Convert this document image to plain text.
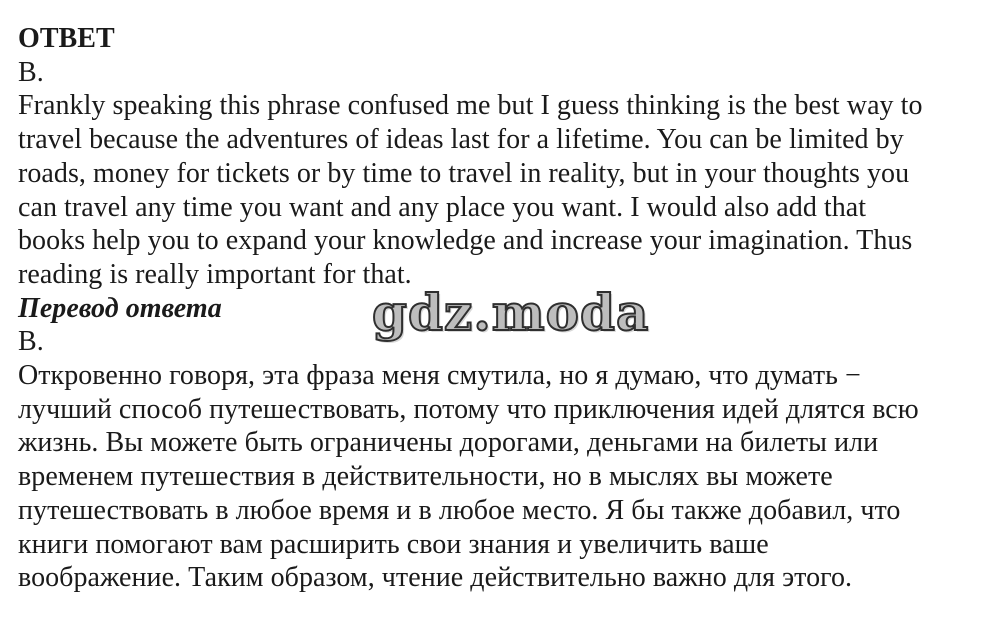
ОТВЕТ
B.
Frankly speaking this phrase confused me but I guess thinking is the best way to
travel because the adventures of ideas last for a lifetime. You can be limited by
roads, money for tickets or by time to travel in reality, but in your thoughts you
can travel any time you want and any place you want. I would also add that
books help you to expand your knowledge and increase your imagination. Thus
reading is really important for that.
Перевод ответа
B.
Откровенно говоря, эта фраза меня смутила, но я думаю, что думать −
лучший способ путешествовать, потому что приключения идей длятся всю
жизнь. Вы можете быть ограничены дорогами, деньгами на билеты или
временем путешествия в действительности, но в мыслях вы можете
путешествовать в любое время и в любое место. Я бы также добавил, что
книги помогают вам расширить свои знания и увеличить ваше
воображение. Таким образом, чтение действительно важно для этого.
gdz.moda
